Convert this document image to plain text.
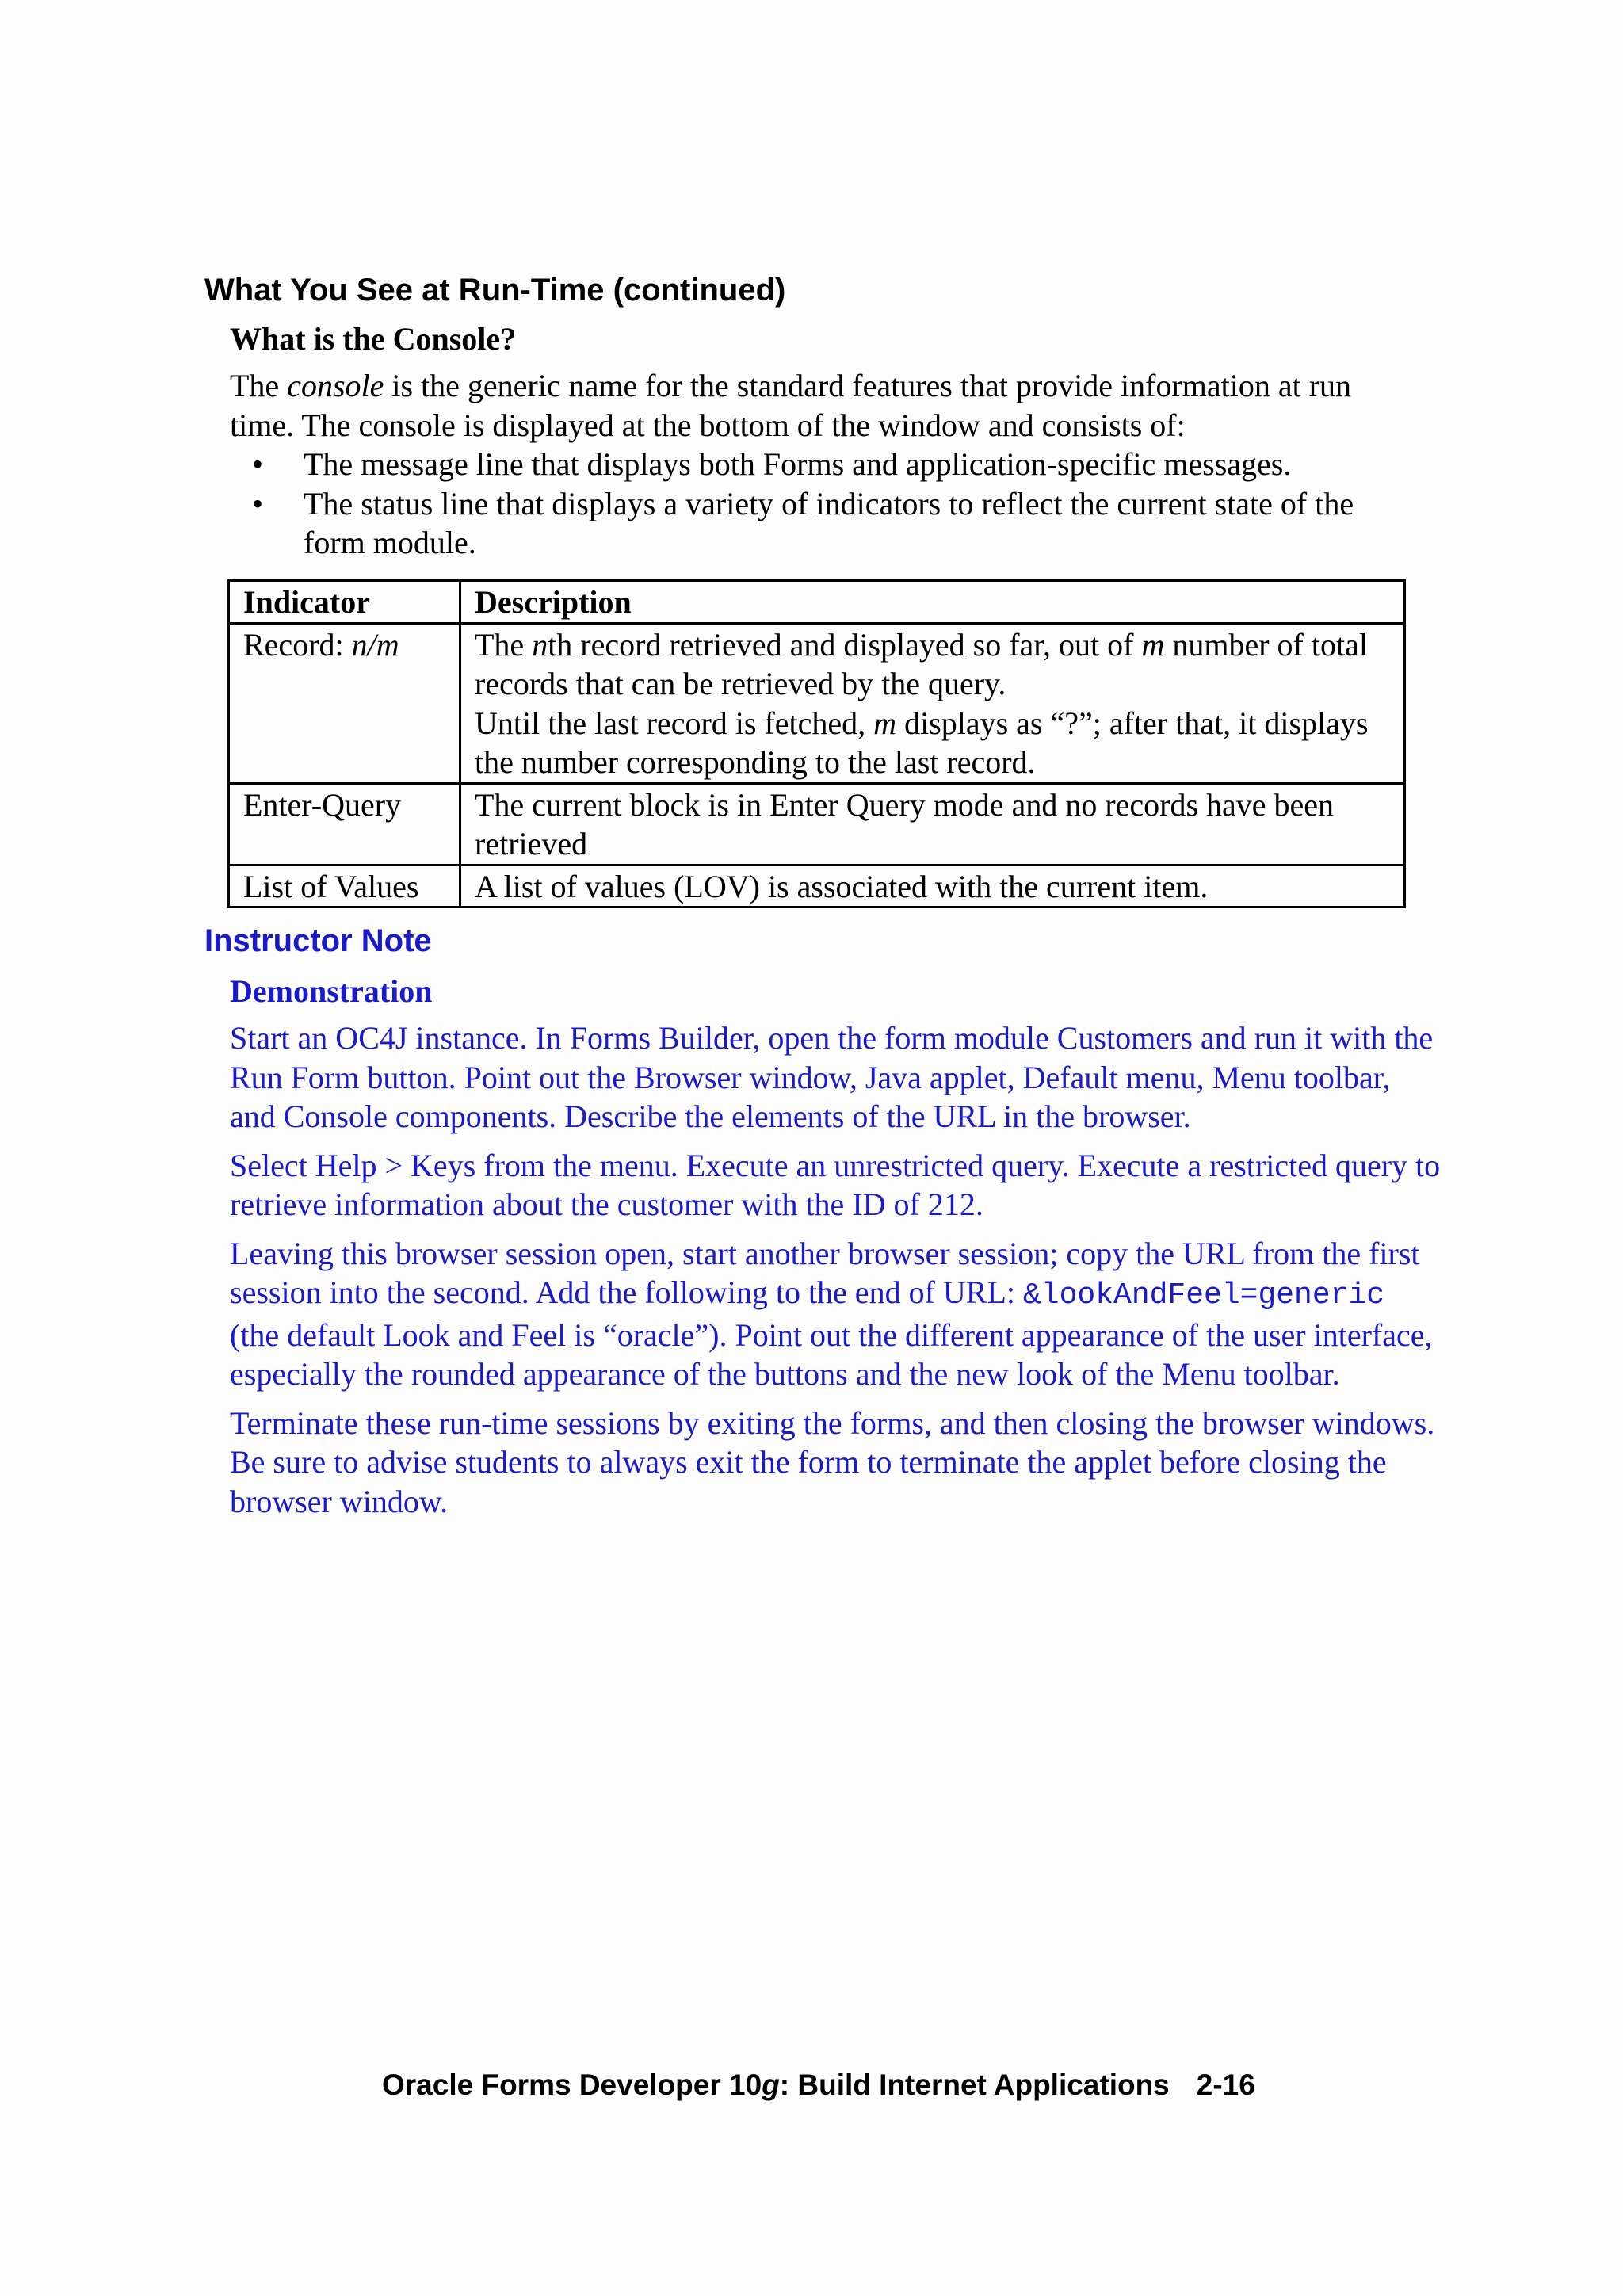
What You See at Run-Time (continued)
What is the Console?

The console is the generic name for the standard features that provide information at run time. The console is displayed at the bottom of the window and consists of:

• The message line that displays both Forms and application-specific messages.
• The status line that displays a variety of indicators to reflect the current state of the form module.
Indicator	Description
Record: n/m	The nth record retrieved and displayed so far, out of m number of total records that can be retrieved by the query.
Until the last record is fetched, m displays as “?”; after that, it displays the number corresponding to the last record.
Enter-Query	The current block is in Enter Query mode and no records have been retrieved
List of Values	A list of values (LOV) is associated with the current item.
Instructor Note
Demonstration

Start an OC4J instance. In Forms Builder, open the form module Customers and run it with the Run Form button. Point out the Browser window, Java applet, Default menu, Menu toolbar, and Console components. Describe the elements of the URL in the browser.

Select Help > Keys from the menu. Execute an unrestricted query. Execute a restricted query to retrieve information about the customer with the ID of 212.

Leaving this browser session open, start another browser session; copy the URL from the first session into the second. Add the following to the end of URL: &lookAndFeel=generic (the default Look and Feel is “oracle”). Point out the different appearance of the user interface, especially the rounded appearance of the buttons and the new look of the Menu toolbar.

Terminate these run-time sessions by exiting the forms, and then closing the browser windows. Be sure to advise students to always exit the form to terminate the applet before closing the browser window.

Oracle Forms Developer 10g: Build Internet Applications 2-16
